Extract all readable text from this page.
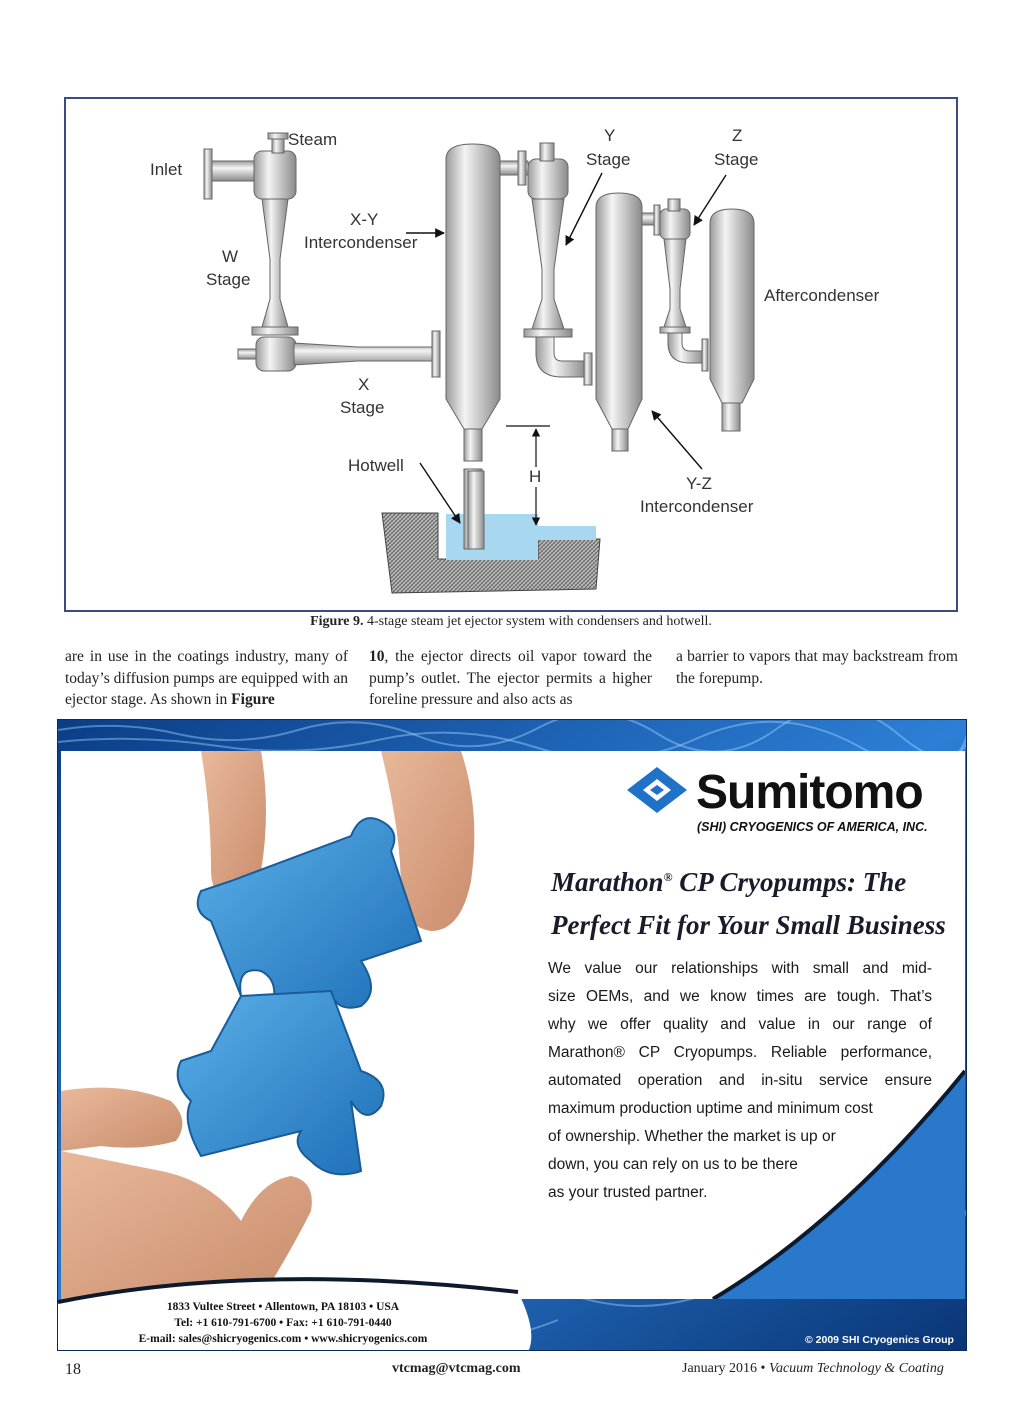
Steam
Inlet
Y
Stage
Z
Stage
X-Y
Intercondenser
W
Stage
Aftercondenser
X
Stage
Hotwell
H	Y-Z
Intercondenser
Figure 9. 4-stage steam jet ejector system with condensers and hotwell.
are in use in the coatings industry, many of today’s diffusion pumps are equipped with an ejector stage. As shown in Figure
10, the ejector directs oil vapor toward the pump’s outlet. The ejector permits a higher foreline pressure and also acts as
a barrier to vapors that may backstream from the forepump.
Sumitomo
(SHI) CRYOGENICS OF AMERICA, INC.
Marathon® CP Cryopumps: The
Perfect Fit for Your Small Business

We value our relationships with small and mid-

size OEMs, and we know times are tough. That’s

why we offer quality and value in our range of

Marathon® CP Cryopumps. Reliable performance,

automated operation and in-situ service ensure

maximum production uptime and minimum cost

of ownership. Whether the market is up or

down, you can rely on us to be there

as your trusted partner.

1833 Vultee Street • Allentown, PA 18103 • USA
Tel: +1 610-791-6700 • Fax: +1 610-791-0440
E-mail: sales@shicryogenics.com • www.shicryogenics.com	© 2009 SHI Cryogenics Group
18	vtcmag@vtcmag.com	January 2016 • Vacuum Technology & Coating
